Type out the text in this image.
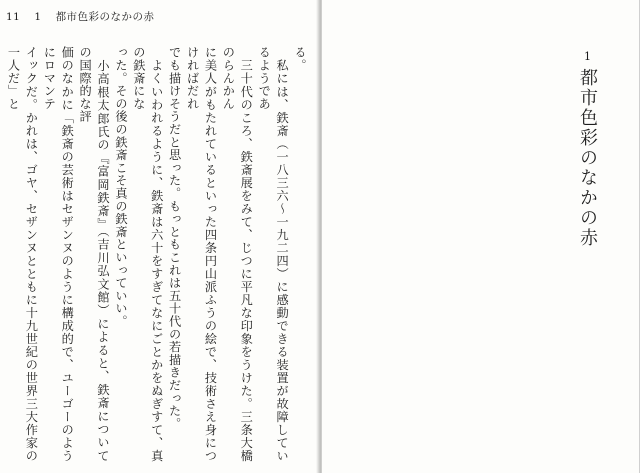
11 1 都市色彩のなかの赤

る。

　私には、鉄斎（一八三六〜一九二四）に感動できる装置が故障しているようであ

　三十代のころ、鉄斎展をみて、じつに平凡な印象をうけた。三条大橋のらんかん

に美人がもたれているといった四条円山派ふうの絵で、技術さえ身につければだれ

でも描けそうだと思った。もっともこれは五十代の若描きだった。

　よくいわれるように、鉄斎は六十をすぎてなにごとかをぬぎすて、真の鉄斎にな

った。その後の鉄斎こそ真の鉄斎といっていい。

　小高根太郎氏の『富岡鉄斎』（吉川弘文館）によると、鉄斎についての国際的な評

価のなかに「鉄斎の芸術はセザンヌのように構成的で、ユーゴーのようにロマンテ

イックだ。かれは、ゴヤ、セザンヌとともに十九世紀の世界三大作家の一人だ」と	1
都市色彩のなかの赤
